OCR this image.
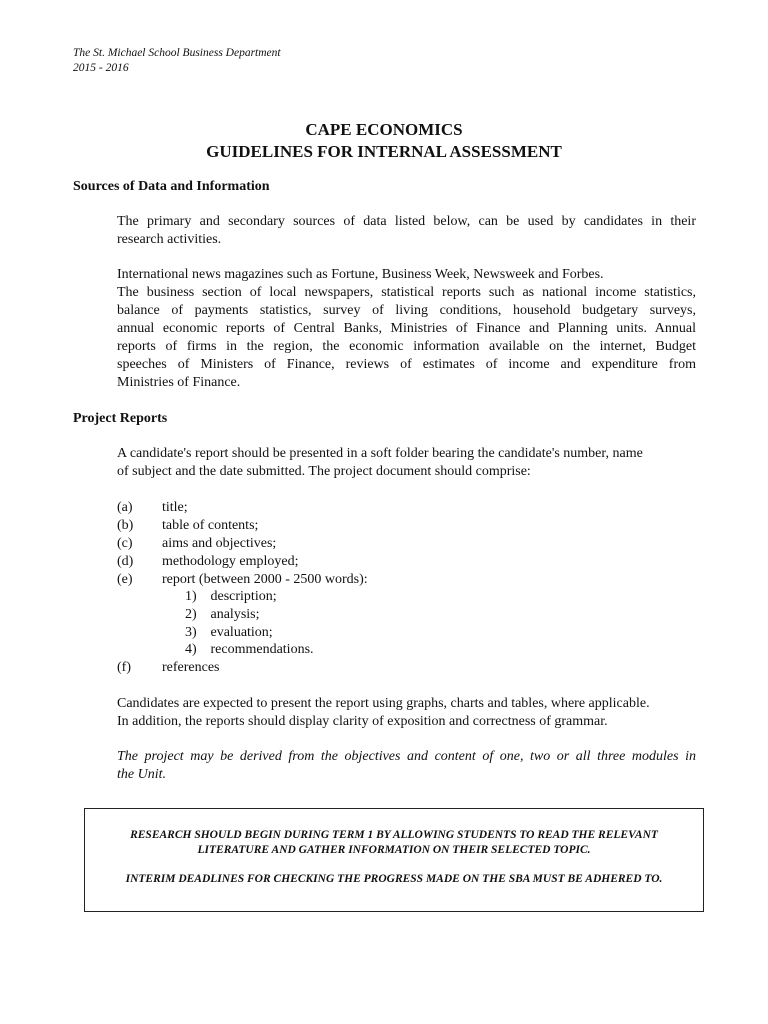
The St. Michael School Business Department
2015 - 2016
CAPE ECONOMICS
GUIDELINES FOR INTERNAL ASSESSMENT
Sources of Data and Information
The primary and secondary sources of data listed below, can be used by candidates in their
research activities.
International news magazines such as Fortune, Business Week, Newsweek and Forbes.
The business section of local newspapers, statistical reports such as national income statistics,
balance of payments statistics, survey of living conditions, household budgetary surveys,
annual economic reports of Central Banks, Ministries of Finance and Planning units. Annual
reports of firms in the region, the economic information available on the internet, Budget
speeches of Ministers of Finance, reviews of estimates of income and expenditure from
Ministries of Finance.
Project Reports
A candidate's report should be presented in a soft folder bearing the candidate's number, name
of subject and the date submitted. The project document should comprise:
(a) title;
(b) table of contents;
(c) aims and objectives;
(d) methodology employed;
(e) report (between 2000 - 2500 words):
1) description;
2) analysis;
3) evaluation;
4) recommendations.
(f) references
Candidates are expected to present the report using graphs, charts and tables, where applicable.
In addition, the reports should display clarity of exposition and correctness of grammar.
The project may be derived from the objectives and content of one, two or all three modules in
the Unit.
RESEARCH SHOULD BEGIN DURING TERM 1 BY ALLOWING STUDENTS TO READ THE RELEVANT
LITERATURE AND GATHER INFORMATION ON THEIR SELECTED TOPIC.
INTERIM DEADLINES FOR CHECKING THE PROGRESS MADE ON THE SBA MUST BE ADHERED TO.
